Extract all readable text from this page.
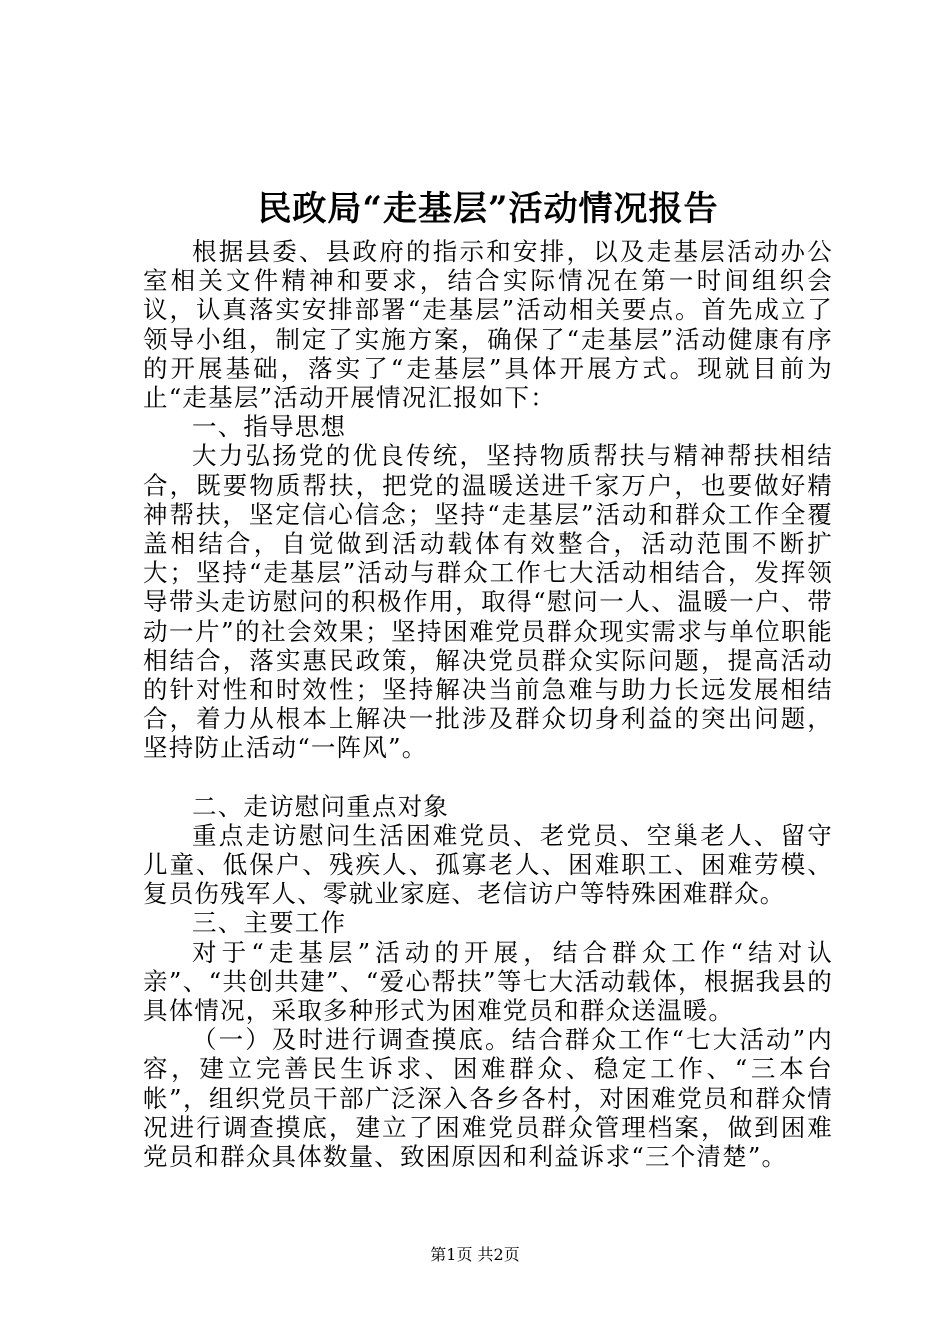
民政局“走基层”活动情况报告

根据县委、县政府的指示和安排，以及走基层活动办公室相关文件精神和要求，结合实际情况在第一时间组织会议，认真落实安排部署“走基层”活动相关要点。首先成立了领导小组，制定了实施方案，确保了“走基层”活动健康有序的开展基础，落实了“走基层”具体开展方式。现就目前为止“走基层”活动开展情况汇报如下：

一、指导思想

大力弘扬党的优良传统，坚持物质帮扶与精神帮扶相结合，既要物质帮扶，把党的温暖送进千家万户，也要做好精神帮扶，坚定信心信念；坚持“走基层”活动和群众工作全覆盖相结合，自觉做到活动载体有效整合，活动范围不断扩大；坚持“走基层”活动与群众工作七大活动相结合，发挥领导带头走访慰问的积极作用，取得“慰问一人、温暖一户、带动一片”的社会效果；坚持困难党员群众现实需求与单位职能相结合，落实惠民政策，解决党员群众实际问题，提高活动的针对性和时效性；坚持解决当前急难与助力长远发展相结合，着力从根本上解决一批涉及群众切身利益的突出问题，坚持防止活动“一阵风”。

二、走访慰问重点对象

重点走访慰问生活困难党员、老党员、空巢老人、留守儿童、低保户、残疾人、孤寡老人、困难职工、困难劳模、复员伤残军人、零就业家庭、老信访户等特殊困难群众。

三、主要工作

对于“走基层”活动的开展，结合群众工作“结对认亲”、“共创共建”、“爱心帮扶”等七大活动载体，根据我县的具体情况，采取多种形式为困难党员和群众送温暖。

（一）及时进行调查摸底。结合群众工作“七大活动”内容，建立完善民生诉求、困难群众、稳定工作、“三本台帐”，组织党员干部广泛深入各乡各村，对困难党员和群众情况进行调查摸底，建立了困难党员群众管理档案，做到困难党员和群众具体数量、致困原因和利益诉求“三个清楚”。

第1页 共2页
